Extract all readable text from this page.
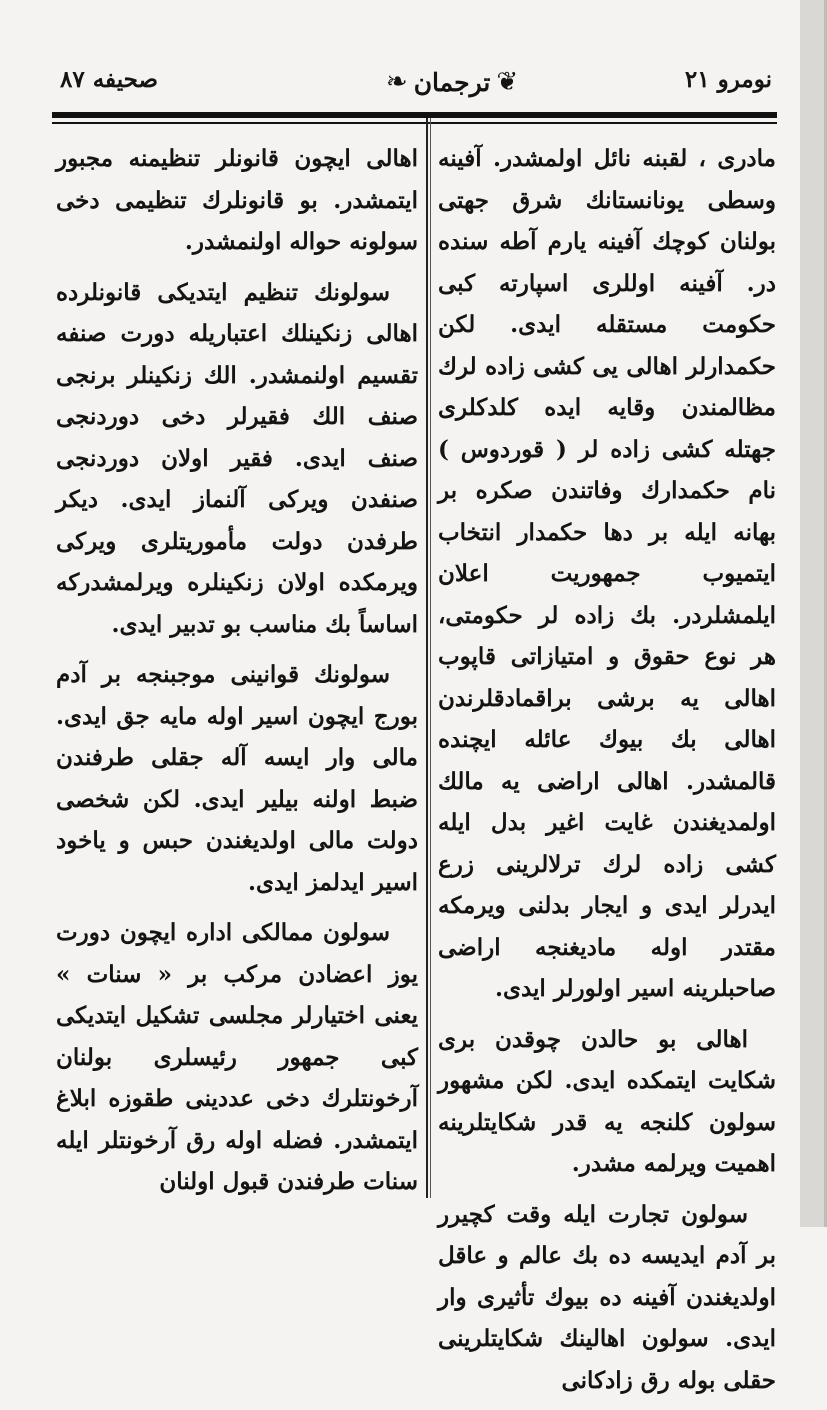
نومرو ٢١
❦
ترجمان
❧
صحیفه ٨٧

مادری ، لقبنه نائل اولمشدر. آفینه وسطی یونانستانك شرق جهتی بولنان كوچك آفینه یارم آطه سنده در. آفینه اوللری اسپارته كبی حكومت مستقله ایدی. لكن حكمدارلر اهالی یی كشی زاده لرك مظالمندن وقایه ایده كلدكلری جهتله كشی زاده لر ( قوردوس ) نام حكمدارك وفاتندن صكره بر بهانه ایله بر دها حكمدار انتخاب ایتمیوب جمهوریت اعلان ایلمشلردر. بك زاده لر حكومتی، هر نوع حقوق و امتیازاتی قاپوب اهالی یه برشی براقمادقلرندن اهالی بك بیوك عائله ایچنده قالمشدر. اهالی اراضی یه مالك اولمدیغندن غایت اغیر بدل ایله كشی زاده لرك ترلالرینی زرع ایدرلر ایدی و ایجار بدلنی ویرمكه مقتدر اوله مادیغنجه اراضی صاحبلرینه اسیر اولورلر ایدی.

اهالی بو حالدن چوقدن بری شكایت ایتمكده ایدی. لكن مشهور سولون كلنجه یه قدر شكایتلرینه اهمیت ویرلمه مشدر.

سولون تجارت ایله وقت كچیرر بر آدم ایدیسه ده بك عالم و عاقل اولدیغندن آفینه ده بیوك تأثیری وار ایدی. سولون اهالینك شكایتلرینی حقلی بوله رق زادكانی

اهالی ایچون قانونلر تنظیمنه مجبور ایتمشدر. بو قانونلرك تنظیمی دخی سولونه حواله اولنمشدر.

سولونك تنظیم ایتدیكی قانونلرده اهالی زنكینلك اعتباریله دورت صنفه تقسیم اولنمشدر. الك زنكینلر برنجی صنف الك فقیرلر دخی دوردنجی صنف ایدی. فقیر اولان دوردنجی صنفدن ویركی آلنماز ایدی. دیكر طرفدن دولت مأموریتلری ویركی ویرمكده اولان زنكینلره ویرلمشدركه اساساً بك مناسب بو تدبیر ایدی.

سولونك قوانینی موجبنجه بر آدم بورج ایچون اسیر اوله مایه جق ایدی. مالی وار ایسه آله جقلی طرفندن ضبط اولنه بیلیر ایدی. لكن شخصی دولت مالی اولدیغندن حبس و یاخود اسیر ایدلمز ایدی.

سولون ممالكی اداره ایچون دورت یوز اعضادن مركب بر « سنات » یعنی اختیارلر مجلسی تشكیل ایتدیكی كبی جمهور رئیسلری بولنان آرخونتلرك دخی عددینی طقوزه ابلاغ ایتمشدر. فضله اوله رق آرخونتلر ایله سنات طرفندن قبول اولنان
